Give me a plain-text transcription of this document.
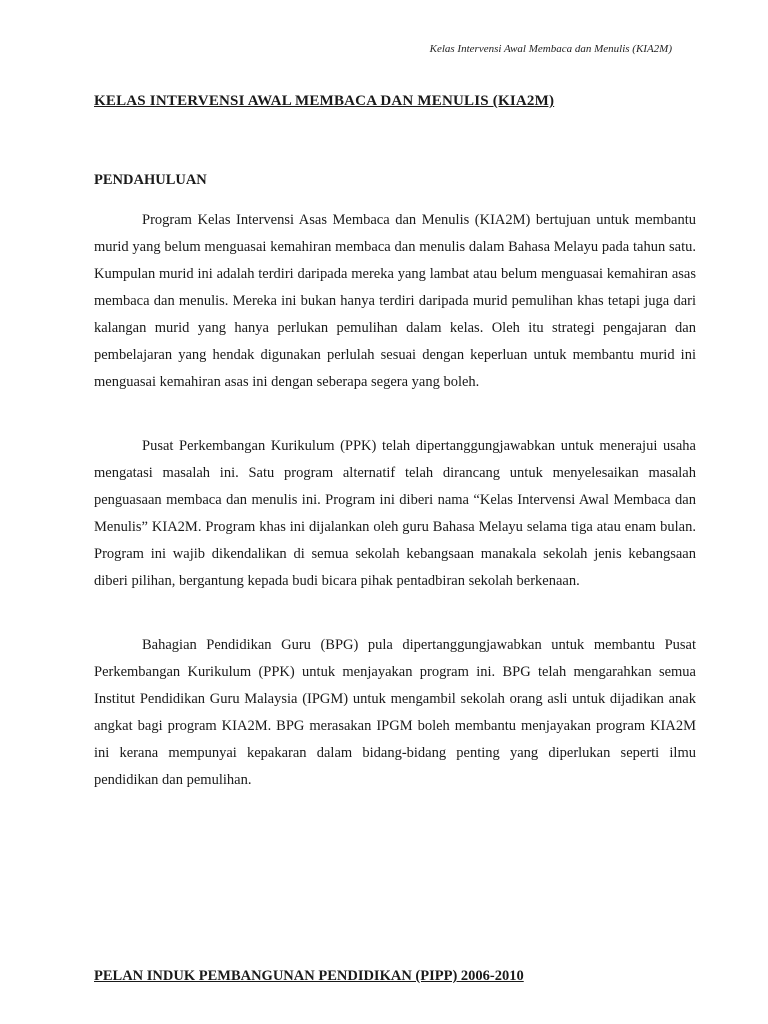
Kelas Intervensi Awal Membaca dan Menulis (KIA2M)
KELAS INTERVENSI AWAL MEMBACA DAN MENULIS (KIA2M)
PENDAHULUAN

Program Kelas Intervensi Asas Membaca dan Menulis (KIA2M) bertujuan untuk membantu murid yang belum menguasai kemahiran membaca dan menulis dalam Bahasa Melayu pada tahun satu. Kumpulan murid ini adalah terdiri daripada mereka yang lambat atau belum menguasai kemahiran asas membaca dan menulis. Mereka ini bukan hanya terdiri daripada murid pemulihan khas tetapi juga dari kalangan murid yang hanya perlukan pemulihan dalam kelas. Oleh itu strategi pengajaran dan pembelajaran yang hendak digunakan perlulah sesuai dengan keperluan untuk membantu murid ini menguasai kemahiran asas ini dengan seberapa segera yang boleh.

Pusat Perkembangan Kurikulum (PPK) telah dipertanggungjawabkan untuk menerajui usaha mengatasi masalah ini. Satu program alternatif telah dirancang untuk menyelesaikan masalah penguasaan membaca dan menulis ini. Program ini diberi nama “Kelas Intervensi Awal Membaca dan Menulis” KIA2M. Program khas ini dijalankan oleh guru Bahasa Melayu selama tiga atau enam bulan. Program ini wajib dikendalikan di semua sekolah kebangsaan manakala sekolah jenis kebangsaan diberi pilihan, bergantung kepada budi bicara pihak pentadbiran sekolah berkenaan.

Bahagian Pendidikan Guru (BPG) pula dipertanggungjawabkan untuk membantu Pusat Perkembangan Kurikulum (PPK) untuk menjayakan program ini. BPG telah mengarahkan semua Institut Pendidikan Guru Malaysia (IPGM) untuk mengambil sekolah orang asli untuk dijadikan anak angkat bagi program KIA2M. BPG merasakan IPGM boleh membantu menjayakan program KIA2M ini kerana mempunyai kepakaran dalam bidang-bidang penting yang diperlukan seperti ilmu pendidikan dan pemulihan.

PELAN INDUK PEMBANGUNAN PENDIDIKAN (PIPP) 2006-2010
